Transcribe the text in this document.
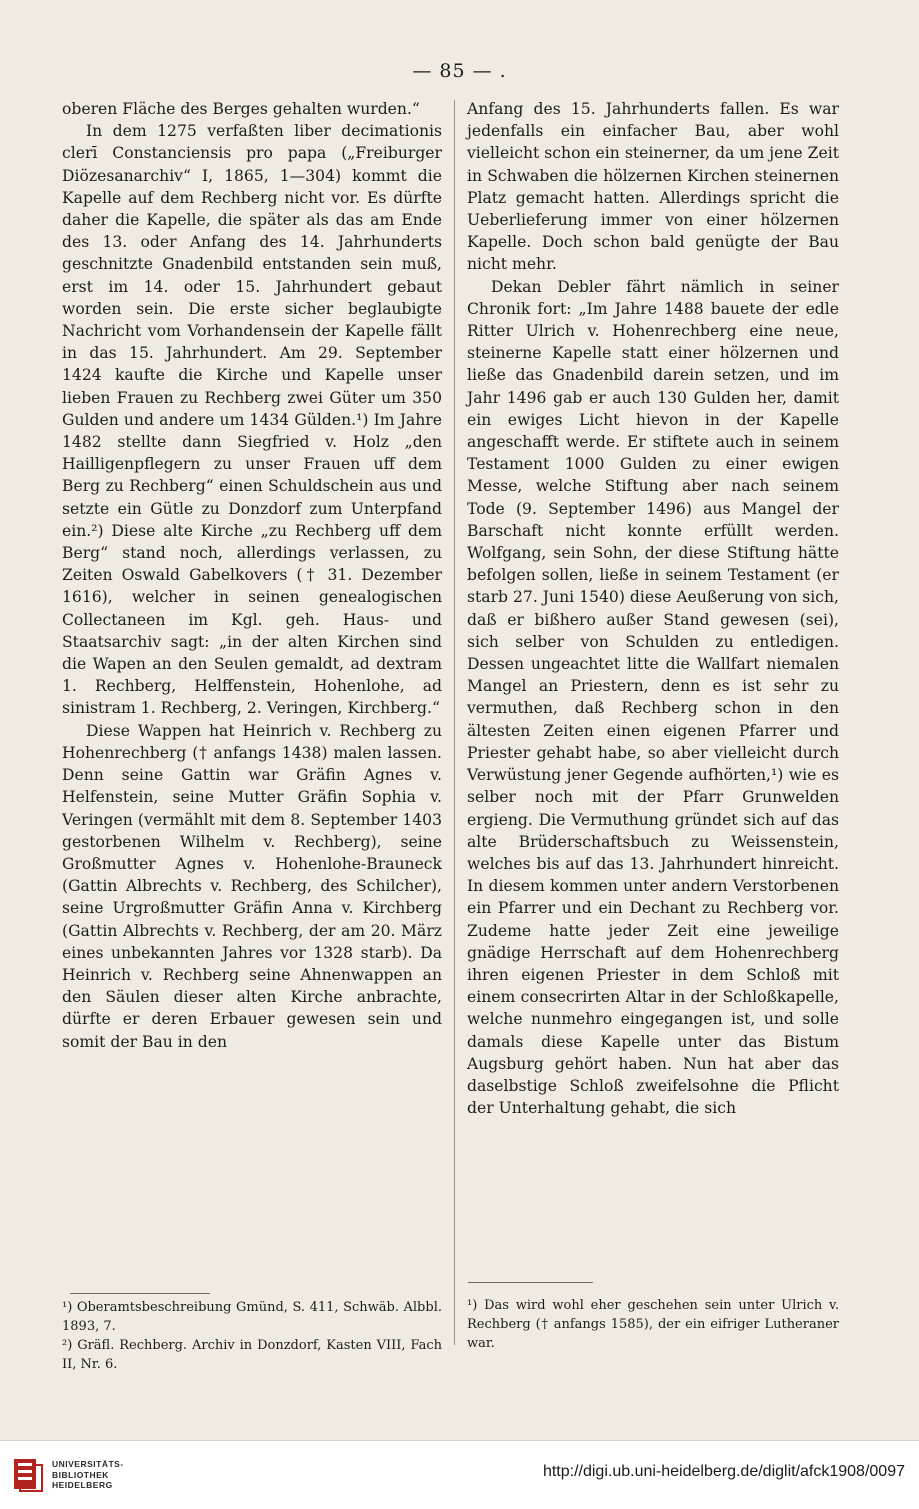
— 85 — .

oberen Fläche des Berges gehalten wurden.“

In dem 1275 verfaßten liber decimationis clerī Constanciensis pro papa („Freiburger Diözesanarchiv“ I, 1865, 1—304) kommt die Kapelle auf dem Rechberg nicht vor. Es dürfte daher die Kapelle, die später als das am Ende des 13. oder Anfang des 14. Jahrhunderts geschnitzte Gnadenbild entstanden sein muß, erst im 14. oder 15. Jahrhundert gebaut worden sein. Die erste sicher beglaubigte Nachricht vom Vorhandensein der Kapelle fällt in das 15. Jahrhundert. Am 29. September 1424 kaufte die Kirche und Kapelle unser lieben Frauen zu Rechberg zwei Güter um 350 Gulden und andere um 1434 Gülden.¹) Im Jahre 1482 stellte dann Siegfried v. Holz „den Hailligenpflegern zu unser Frauen uff dem Berg zu Rechberg“ einen Schuldschein aus und setzte ein Gütle zu Donzdorf zum Unterpfand ein.²) Diese alte Kirche „zu Rechberg uff dem Berg“ stand noch, allerdings verlassen, zu Zeiten Oswald Gabelkovers († 31. Dezember 1616), welcher in seinen genealogischen Collectaneen im Kgl. geh. Haus- und Staatsarchiv sagt: „in der alten Kirchen sind die Wapen an den Seulen gemaldt, ad dextram 1. Rechberg, Helffenstein, Hohenlohe, ad sinistram 1. Rechberg, 2. Veringen, Kirchberg.“

Diese Wappen hat Heinrich v. Rechberg zu Hohenrechberg († anfangs 1438) malen lassen. Denn seine Gattin war Gräfin Agnes v. Helfenstein, seine Mutter Gräfin Sophia v. Veringen (vermählt mit dem 8. September 1403 gestorbenen Wilhelm v. Rechberg), seine Großmutter Agnes v. Hohenlohe-Brauneck (Gattin Albrechts v. Rechberg, des Schilcher), seine Urgroßmutter Gräfin Anna v. Kirchberg (Gattin Albrechts v. Rechberg, der am 20. März eines unbekannten Jahres vor 1328 starb). Da Heinrich v. Rechberg seine Ahnenwappen an den Säulen dieser alten Kirche anbrachte, dürfte er deren Erbauer gewesen sein und somit der Bau in den

Anfang des 15. Jahrhunderts fallen. Es war jedenfalls ein einfacher Bau, aber wohl vielleicht schon ein steinerner, da um jene Zeit in Schwaben die hölzernen Kirchen steinernen Platz gemacht hatten. Allerdings spricht die Ueberlieferung immer von einer hölzernen Kapelle. Doch schon bald genügte der Bau nicht mehr.

Dekan Debler fährt nämlich in seiner Chronik fort: „Im Jahre 1488 bauete der edle Ritter Ulrich v. Hohenrechberg eine neue, steinerne Kapelle statt einer hölzernen und ließe das Gnadenbild darein setzen, und im Jahr 1496 gab er auch 130 Gulden her, damit ein ewiges Licht hievon in der Kapelle angeschafft werde. Er stiftete auch in seinem Testament 1000 Gulden zu einer ewigen Messe, welche Stiftung aber nach seinem Tode (9. September 1496) aus Mangel der Barschaft nicht konnte erfüllt werden. Wolfgang, sein Sohn, der diese Stiftung hätte befolgen sollen, ließe in seinem Testament (er starb 27. Juni 1540) diese Aeußerung von sich, daß er bißhero außer Stand gewesen (sei), sich selber von Schulden zu entledigen. Dessen ungeachtet litte die Wallfart niemalen Mangel an Priestern, denn es ist sehr zu vermuthen, daß Rechberg schon in den ältesten Zeiten einen eigenen Pfarrer und Priester gehabt habe, so aber vielleicht durch Verwüstung jener Gegende aufhörten,¹) wie es selber noch mit der Pfarr Grunwelden ergieng. Die Vermuthung gründet sich auf das alte Brüderschaftsbuch zu Weissenstein, welches bis auf das 13. Jahrhundert hinreicht. In diesem kommen unter andern Verstorbenen ein Pfarrer und ein Dechant zu Rechberg vor. Zudeme hatte jeder Zeit eine jeweilige gnädige Herrschaft auf dem Hohenrechberg ihren eigenen Priester in dem Schloß mit einem consecrirten Altar in der Schloßkapelle, welche nunmehro eingegangen ist, und solle damals diese Kapelle unter das Bistum Augsburg gehört haben. Nun hat aber das daselbstige Schloß zweifelsohne die Pflicht der Unterhaltung gehabt, die sich

¹) Oberamtsbeschreibung Gmünd, S. 411, Schwäb. Albbl. 1893, 7.

²) Gräfl. Rechberg. Archiv in Donzdorf, Kasten VIII, Fach II, Nr. 6.

¹) Das wird wohl eher geschehen sein unter Ulrich v. Rechberg († anfangs 1585), der ein eifriger Lutheraner war.

UNIVERSITÄTS-
BIBLIOTHEK
HEIDELBERG
http://digi.ub.uni-heidelberg.de/diglit/afck1908/0097
